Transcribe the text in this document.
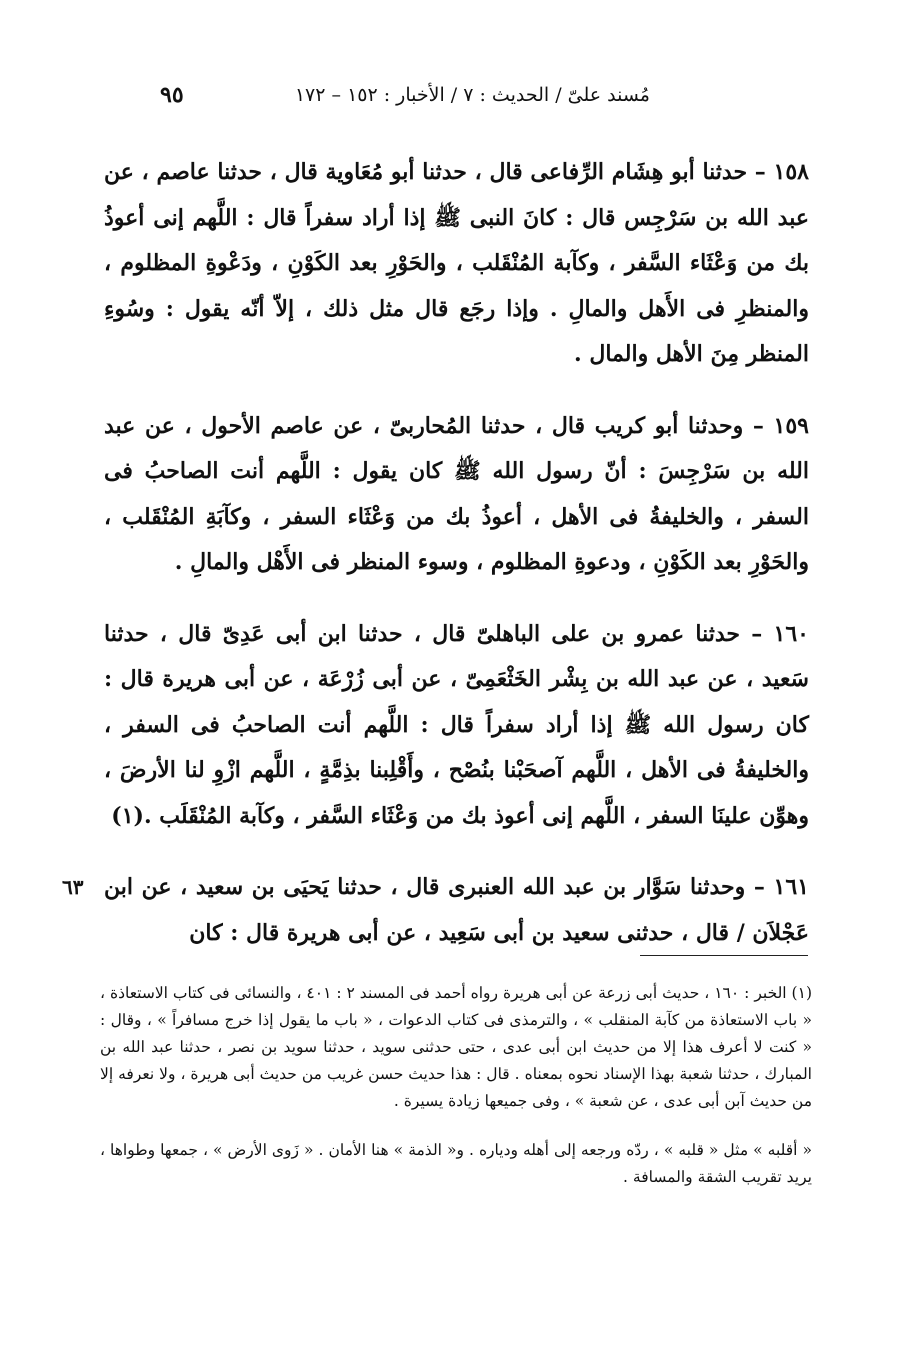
مُسند علىّ / الحديث : ٧ / الأخبار : ١٥٢ – ١٧٢
٩٥

١٥٨ – حدثنا أبو هِشَام الرِّفاعى قال ، حدثنا أبو مُعَاوية قال ، حدثنا عاصم ، عن عبد الله بن سَرْجِس قال : كانَ النبى ﷺ إذا أراد سفراً قال : اللَّهم إنى أعوذُ بك من وَعْثَاء السَّفر ، وكآبة المُنْقَلب ، والحَوْرِ بعد الكَوْنِ ، ودَعْوةِ المظلوم ، والمنظرِ فى الأَهل والمالِ . وإذا رجَع قال مثل ذلك ، إلاّ أنّه يقول : وسُوءِ المنظر مِنَ الأهل والمال .

١٥٩ – وحدثنا أبو كريب قال ، حدثنا المُحاربىّ ، عن عاصم الأحول ، عن عبد الله بن سَرْجِسَ : أنّ رسول الله ﷺ كان يقول : اللَّهم أنت الصاحبُ فى السفر ، والخليفةُ فى الأهل ، أعوذُ بك من وَعْثَاء السفر ، وكآبَةِ المُنْقَلب ، والحَوْرِ بعد الكَوْنِ ، ودعوةِ المظلوم ، وسوء المنظر فى الأَهْل والمالِ .

١٦٠ – حدثنا عمرو بن على الباهلىّ قال ، حدثنا ابن أبى عَدِىّ قال ، حدثنا سَعيد ، عن عبد الله بن بِشْر الخَثْعَمِىّ ، عن أبى زُرْعَة ، عن أبى هريرة قال : كان رسول الله ﷺ إذا أراد سفراً قال : اللَّهم أنت الصاحبُ فى السفر ، والخليفةُ فى الأهل ، اللَّهم آصحَبْنا بنُصْح ، وأَقْلِبنا بذِمَّةٍ ، اللَّهم ازْوِ لنا الأرضَ ، وهوِّن علينَا السفر ، اللَّهم إنى أعوذ بك من وَعْثَاء السَّفر ، وكآبة المُنْقَلَب .(١)

١٦١ – وحدثنا سَوَّار بن عبد الله العنبرى قال ، حدثنا يَحيَى بن سعيد ، عن ابن عَجْلاَن / قال ، حدثنى سعيد بن أبى سَعِيد ، عن أبى هريرة قال : كان

٦٣

(١) الخبر : ١٦٠ ، حديث أبى زرعة عن أبى هريرة رواه أحمد فى المسند ٢ : ٤٠١ ، والنسائى فى كتاب الاستعاذة ، « باب الاستعاذة من كآبة المنقلب » ، والترمذى فى كتاب الدعوات ، « باب ما يقول إذا خرج مسافراً » ، وقال : « كنت لا أعرف هذا إلا من حديث ابن أبى عدى ، حتى حدثنى سويد ، حدثنا سويد بن نصر ، حدثنا عبد الله بن المبارك ، حدثنا شعبة بهذا الإسناد نحوه بمعناه . قال : هذا حديث حسن غريب من حديث أبى هريرة ، ولا نعرفه إلا من حديث آبن أبى عدى ، عن شعبة » ، وفى جميعها زيادة يسيرة .

« أقلبه » مثل « قلبه » ، ردّه ورجعه إلى أهله ودياره . و« الذمة » هنا الأمان . « زَوى الأرض » ، جمعها وطواها ، يريد تقريب الشقة والمسافة .
